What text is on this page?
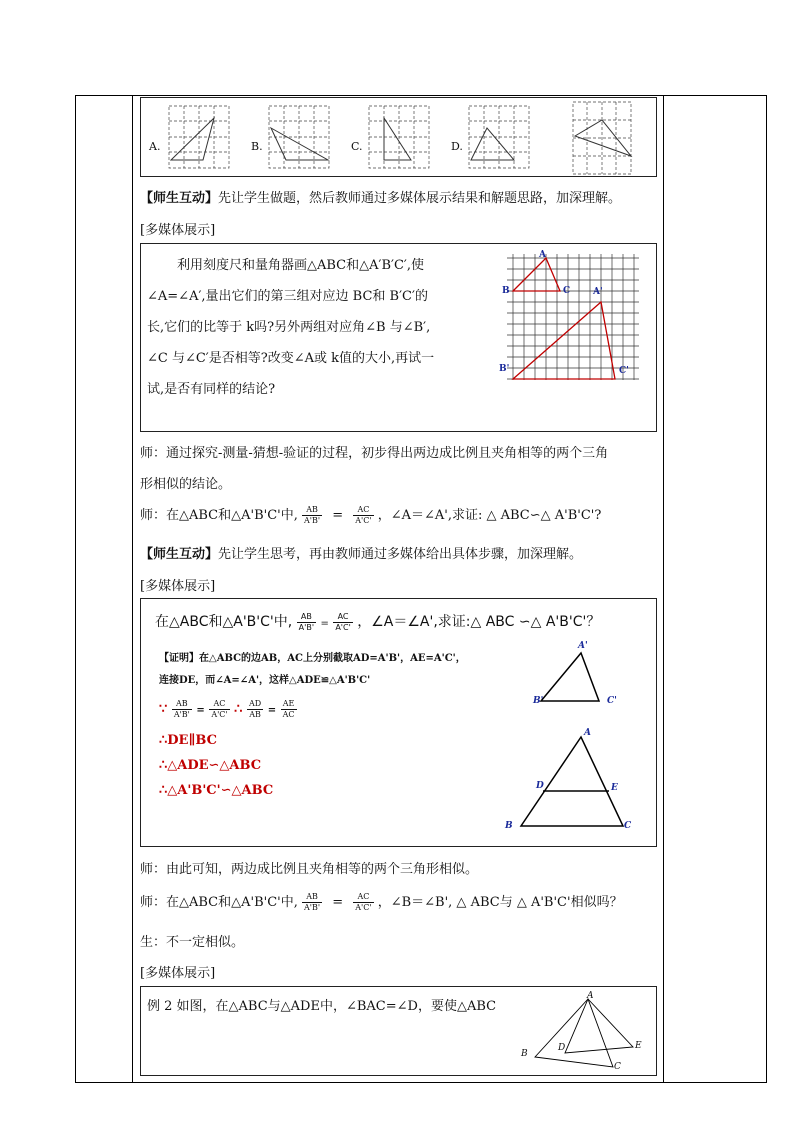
A.	B.	C.	D.
【师生互动】先让学生做题，然后教师通过多媒体展示结果和解题思路，加深理解。
[多媒体展示]
利用刻度尺和量角器画△ABC和△A′B′C′,使
∠A=∠A′,量出它们的第三组对应边 BC和 B′C′的
长,它们的比等于 k吗?另外两组对应角∠B 与∠B′,
∠C 与∠C′是否相等?改变∠A或 k值的大小,再试一
试,是否有同样的结论?
A
B	C	A'
B'	C'
师：通过探究-测量-猜想-验证的过程，初步得出两边成比例且夹角相等的两个三角
形相似的结论。
师：在△ABC和△A'B'C'中, $\frac{AB}{A'B'} = \frac{AC}{A'C'}$ ，∠A＝∠A',求证: △ ABC∽△ A'B'C'?
【师生互动】先让学生思考，再由教师通过多媒体给出具体步骤，加深理解。
[多媒体展示]
在△ABC和△A'B'C'中, $\frac{AB}{A'B'} = \frac{AC}{A'C'}$ ，∠A＝∠A',求证:△ ABC ∽△ A'B'C'？
【证明】在△ABC的边AB，AC上分别截取AD=A'B'，AE=A'C'，
连接DE，而∠A=∠A'，这样△ADE≌△A'B'C'
∵ $\frac{AB}{A'B'} = \frac{AC}{A'C'}$ ∴ $\frac{AD}{AB} = \frac{AE}{AC}$
∴DE∥BC
∴△ADE∽△ABC
∴△A'B'C'∽△ABC
A'
B'	C'
A
D	E
B	C
师：由此可知，两边成比例且夹角相等的两个三角形相似。
师：在△ABC和△A'B'C'中, $\frac{AB}{A'B'} = \frac{AC}{A'C'}$ ，∠B＝∠B', △ ABC与 △ A'B'C'相似吗？
生：不一定相似。
[多媒体展示]
例 2 如图，在△ABC与△ADE中，∠BAC=∠D，要使△ABC
A
B
D	E
C
